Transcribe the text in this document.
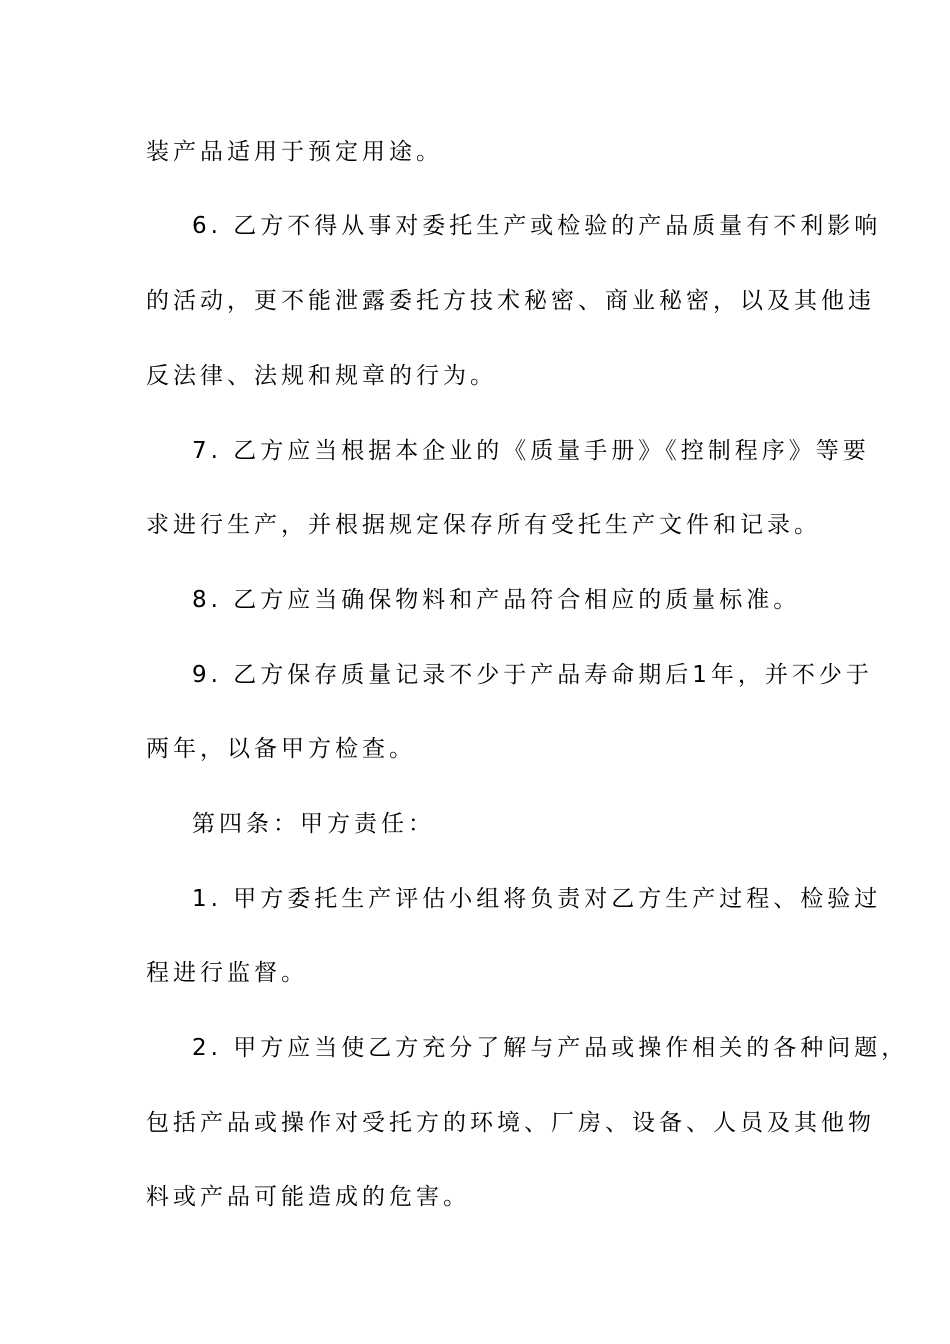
装产品适用于预定用途。
6. 乙方不得从事对委托生产或检验的产品质量有不利影响
的活动，更不能泄露委托方技术秘密、商业秘密，以及其他违
反法律、法规和规章的行为。
7. 乙方应当根据本企业的《质量手册》《控制程序》等要
求进行生产，并根据规定保存所有受托生产文件和记录。
8. 乙方应当确保物料和产品符合相应的质量标准。
9. 乙方保存质量记录不少于产品寿命期后1年，并不少于
两年，以备甲方检查。
第四条：甲方责任：
1. 甲方委托生产评估小组将负责对乙方生产过程、检验过
程进行监督。
2. 甲方应当使乙方充分了解与产品或操作相关的各种问题，
包括产品或操作对受托方的环境、厂房、设备、人员及其他物
料或产品可能造成的危害。
